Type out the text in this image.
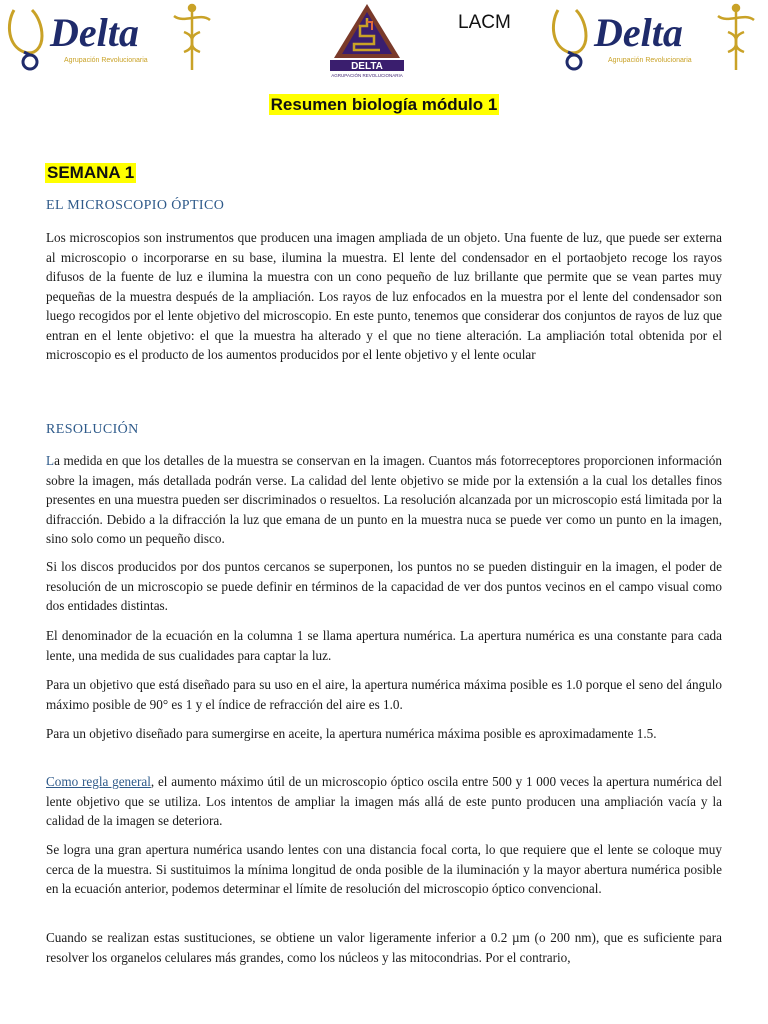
Delta
Agrupación Revolucionaria
DELTA
AGRUPACIÓN REVOLUCIONARIA
LACM Delta
Agrupación Revolucionaria
Resumen biología módulo 1
SEMANA 1
EL MICROSCOPIO ÓPTICO

Los microscopios son instrumentos que producen una imagen ampliada de un objeto. Una fuente de luz, que puede ser externa al microscopio o incorporarse en su base, ilumina la muestra. El lente del condensador en el portaobjeto recoge los rayos difusos de la fuente de luz e ilumina la muestra con un cono pequeño de luz brillante que permite que se vean partes muy pequeñas de la muestra después de la ampliación. Los rayos de luz enfocados en la muestra por el lente del condensador son luego recogidos por el lente objetivo del microscopio. En este punto, tenemos que considerar dos conjuntos de rayos de luz que entran en el lente objetivo: el que la muestra ha alterado y el que no tiene alteración. La ampliación total obtenida por el microscopio es el producto de los aumentos producidos por el lente objetivo y el lente ocular

RESOLUCIÓN

La medida en que los detalles de la muestra se conservan en la imagen. Cuantos más fotorreceptores proporcionen información sobre la imagen, más detallada podrán verse. La calidad del lente objetivo se mide por la extensión a la cual los detalles finos presentes en una muestra pueden ser discriminados o resueltos. La resolución alcanzada por un microscopio está limitada por la difracción. Debido a la difracción la luz que emana de un punto en la muestra nuca se puede ver como un punto en la imagen, sino solo como un pequeño disco.

Si los discos producidos por dos puntos cercanos se superponen, los puntos no se pueden distinguir en la imagen, el poder de resolución de un microscopio se puede definir en términos de la capacidad de ver dos puntos vecinos en el campo visual como dos entidades distintas.

El denominador de la ecuación en la columna 1 se llama apertura numérica. La apertura numérica es una constante para cada lente, una medida de sus cualidades para captar la luz.

Para un objetivo que está diseñado para su uso en el aire, la apertura numérica máxima posible es 1.0 porque el seno del ángulo máximo posible de 90° es 1 y el índice de refracción del aire es 1.0.

Para un objetivo diseñado para sumergirse en aceite, la apertura numérica máxima posible es aproximadamente 1.5.

Como regla general, el aumento máximo útil de un microscopio óptico oscila entre 500 y 1 000 veces la apertura numérica del lente objetivo que se utiliza. Los intentos de ampliar la imagen más allá de este punto producen una ampliación vacía y la calidad de la imagen se deteriora.

Se logra una gran apertura numérica usando lentes con una distancia focal corta, lo que requiere que el lente se coloque muy cerca de la muestra. Si sustituimos la mínima longitud de onda posible de la iluminación y la mayor abertura numérica posible en la ecuación anterior, podemos determinar el límite de resolución del microscopio óptico convencional.

Cuando se realizan estas sustituciones, se obtiene un valor ligeramente inferior a 0.2 µm (o 200 nm), que es suficiente para resolver los organelos celulares más grandes, como los núcleos y las mitocondrias. Por el contrario,
